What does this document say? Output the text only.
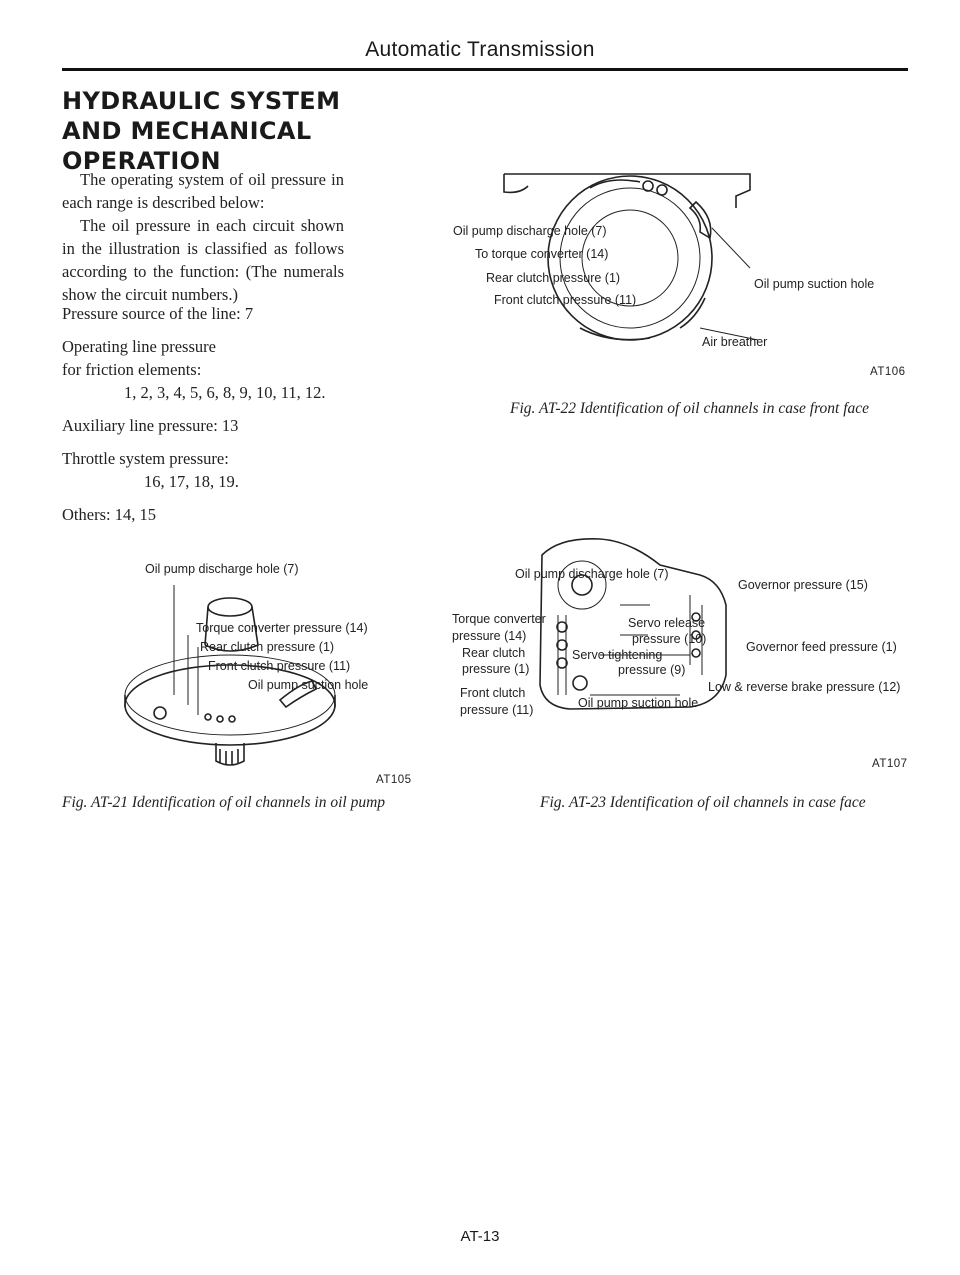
Automatic Transmission
HYDRAULIC SYSTEM
AND MECHANICAL
OPERATION

The operating system of oil pressure in each range is described below:

The oil pressure in each circuit shown in the illustration is classified as follows according to the function: (The numerals show the circuit numbers.)

Pressure source of the line: 7
Operating line pressure
for friction elements:
1, 2, 3, 4, 5, 6, 8, 9, 10, 11, 12.
Auxiliary line pressure: 13
Throttle system pressure:
16, 17, 18, 19.
Others: 14, 15
Oil pump discharge hole (7)
Torque converter pressure (14)
Rear clutch pressure (1)
Front clutch pressure (11)
Oil pump suction hole
AT105
Fig. AT-21 Identification of oil channels in oil pump
Oil pump discharge hole (7)
To torque converter (14)
Rear clutch pressure (1)
Front clutch pressure (11)
Oil pump suction hole
Air breather
AT106
Fig. AT-22 Identification of oil channels in case front face
Oil pump discharge hole (7)
Governor pressure (15)
Torque converter
pressure (14)
Servo release
pressure (10)
Governor feed pressure (1)
Rear clutch
pressure (1)
Servo tightening
pressure (9)
Low & reverse brake pressure (12)
Front clutch
pressure (11)	Oil pump suction hole
AT107
Fig. AT-23 Identification of oil channels in case face
AT-13
